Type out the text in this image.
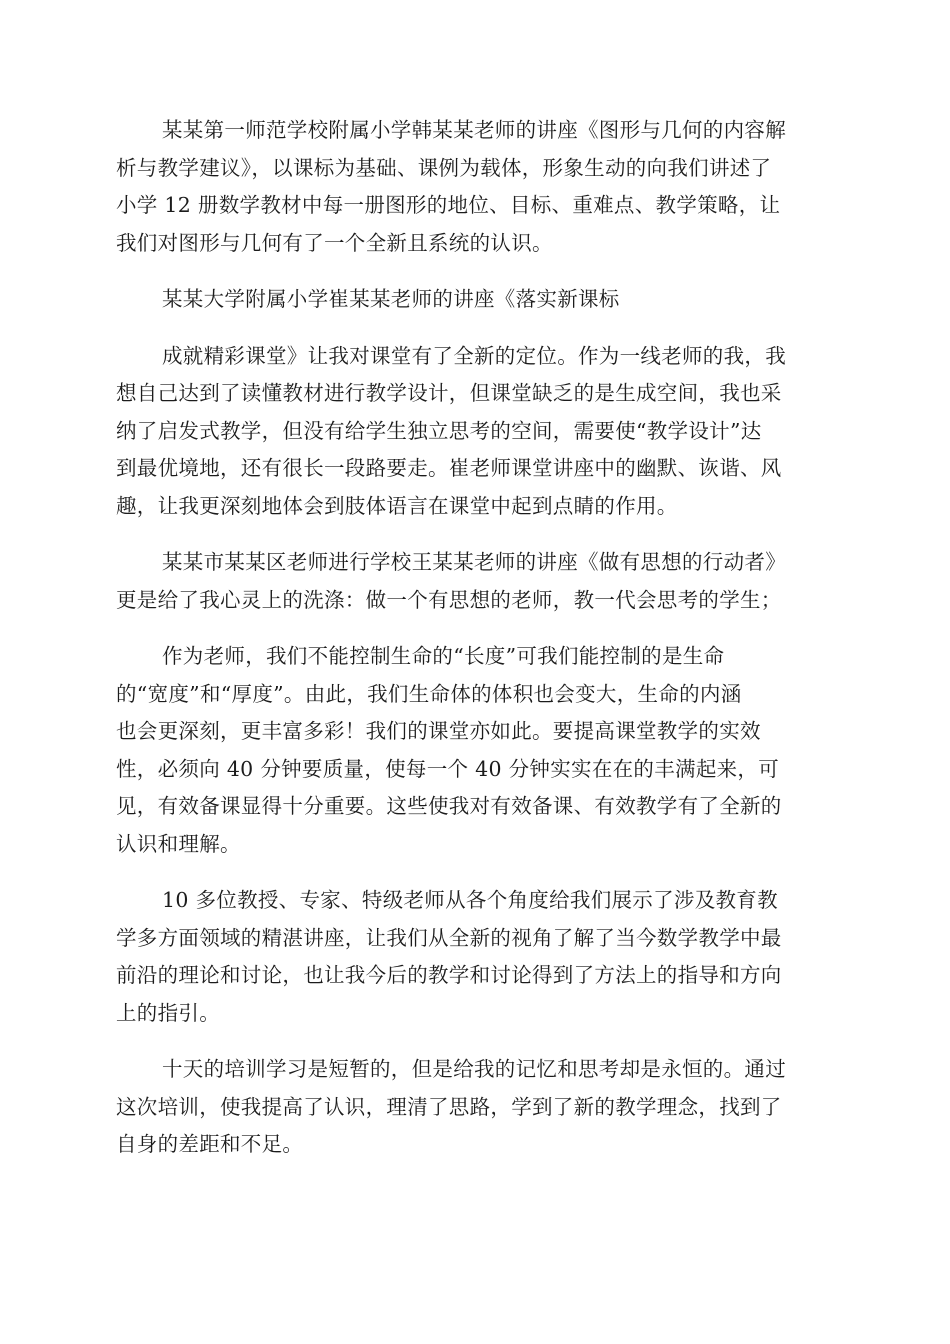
某某第一师范学校附属小学韩某某老师的讲座《图形与几何的内容解
析与教学建议》，以课标为基础、课例为载体，形象生动的向我们讲述了
小学 12 册数学教材中每一册图形的地位、目标、重难点、教学策略，让
我们对图形与几何有了一个全新且系统的认识。

某某大学附属小学崔某某老师的讲座《落实新课标

成就精彩课堂》让我对课堂有了全新的定位。作为一线老师的我，我
想自己达到了读懂教材进行教学设计，但课堂缺乏的是生成空间，我也采
纳了启发式教学，但没有给学生独立思考的空间，需要使“教学设计”达
到最优境地，还有很长一段路要走。崔老师课堂讲座中的幽默、诙谐、风
趣，让我更深刻地体会到肢体语言在课堂中起到点睛的作用。

某某市某某区老师进行学校王某某老师的讲座《做有思想的行动者》
更是给了我心灵上的洗涤：做一个有思想的老师，教一代会思考的学生；

作为老师，我们不能控制生命的“长度”可我们能控制的是生命
的“宽度”和“厚度”。由此，我们生命体的体积也会变大，生命的内涵
也会更深刻，更丰富多彩！我们的课堂亦如此。要提高课堂教学的实效
性，必须向 40 分钟要质量，使每一个 40 分钟实实在在的丰满起来，可
见，有效备课显得十分重要。这些使我对有效备课、有效教学有了全新的
认识和理解。

10 多位教授、专家、特级老师从各个角度给我们展示了涉及教育教
学多方面领域的精湛讲座，让我们从全新的视角了解了当今数学教学中最
前沿的理论和讨论，也让我今后的教学和讨论得到了方法上的指导和方向
上的指引。

十天的培训学习是短暂的，但是给我的记忆和思考却是永恒的。通过
这次培训，使我提高了认识，理清了思路，学到了新的教学理念，找到了
自身的差距和不足。
